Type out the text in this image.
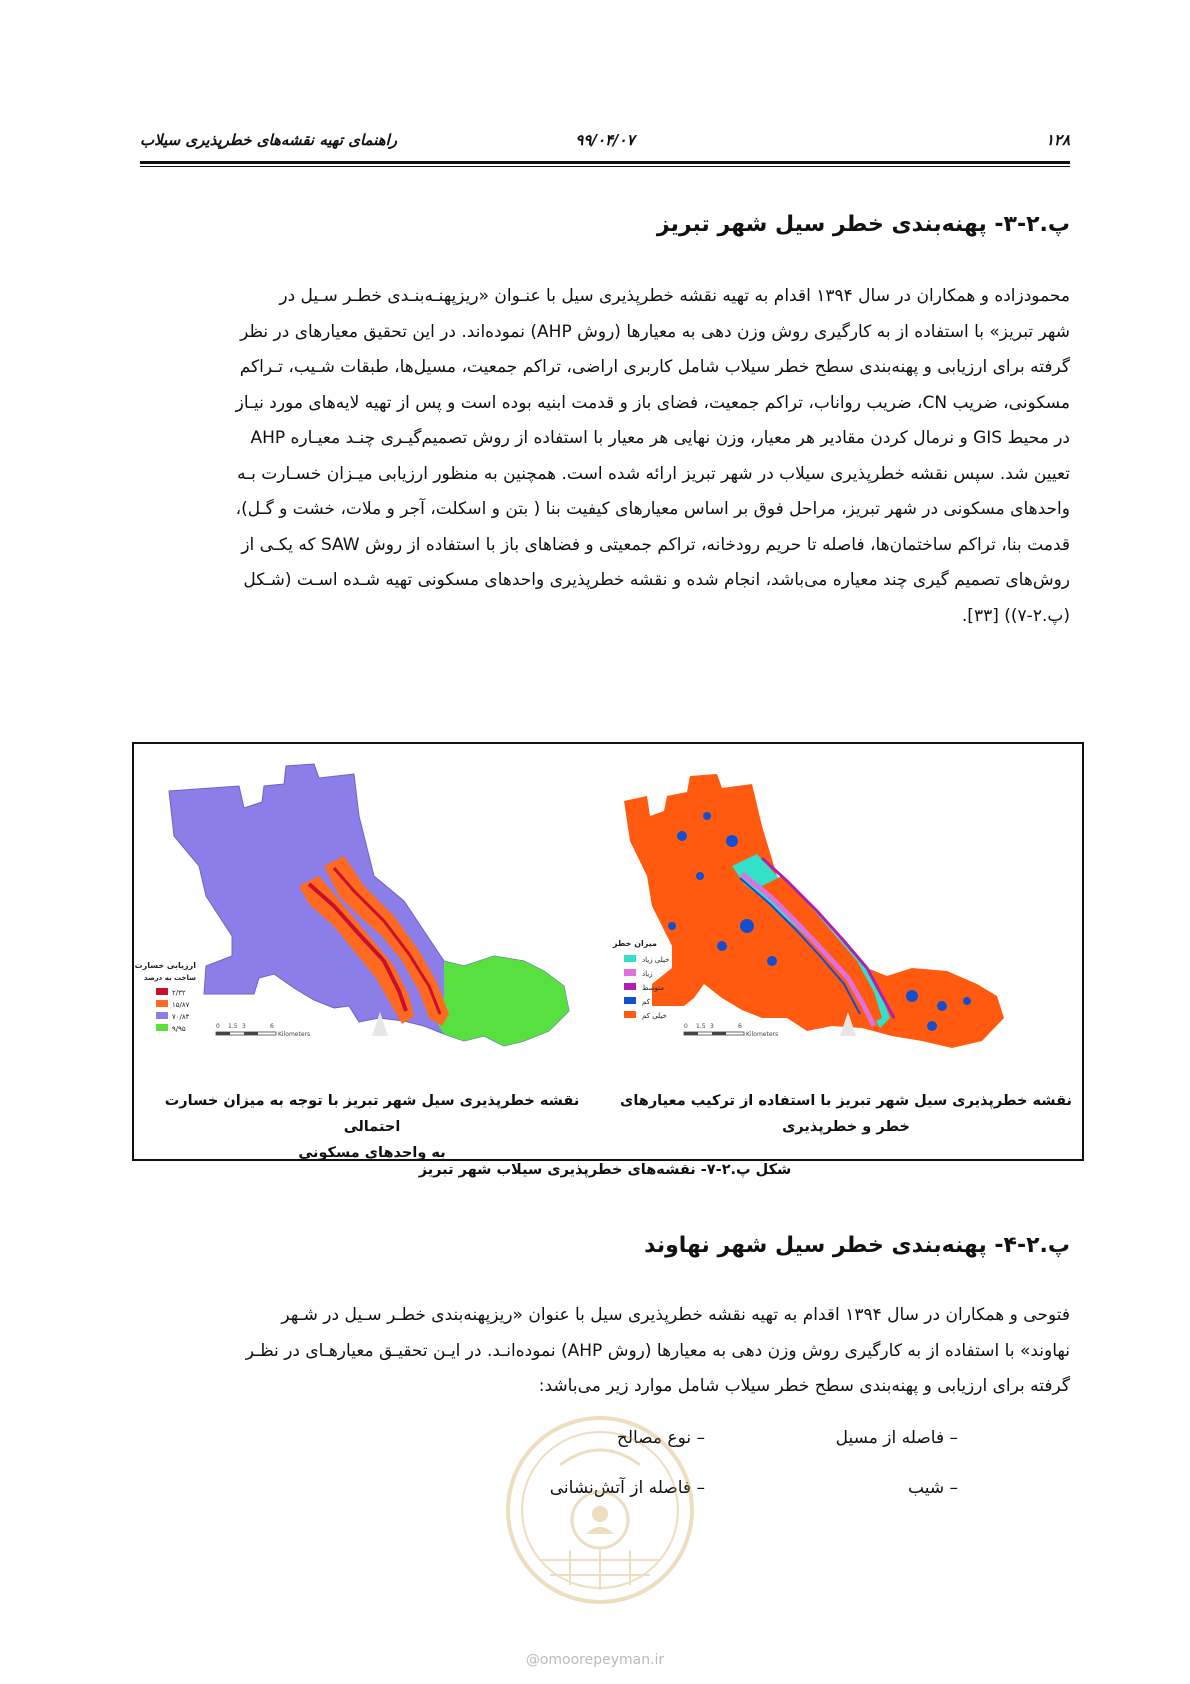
۱۲۸
۹۹/۰۴/۰۷
راهنمای تهیه نقشه‌های خطرپذیری سیلاب
پ.۲-۳- پهنه‌بندی خطر سیل شهر تبریز
محمودزاده و همکاران در سال ۱۳۹۴ اقدام به تهیه نقشه خطرپذیری سیل با عنـوان «ریزپهنـه‌بنـدی خطـر سـیل در
شهر تبریز» با استفاده از به کارگیری روش وزن دهی به معیارها (روش AHP) نموده‌اند. در این تحقیق معیارهای در نظر
گرفته برای ارزیابی و پهنه‌بندی سطح خطر سیلاب شامل کاربری اراضی، تراکم جمعیت، مسیل‌ها، طبقات شـیب، تـراکم
مسکونی، ضریب CN، ضریب رواناب، تراکم جمعیت، فضای باز و قدمت ابنیه بوده است و پس از تهیه لایه‌های مورد نیـاز
در محیط GIS و نرمال کردن مقادیر هر معیار، وزن نهایی هر معیار با استفاده از روش تصمیم‌گیـری چنـد معیـاره AHP
تعیین شد. سپس نقشه خطرپذیری سیلاب در شهر تبریز ارائه شده است. همچنین به منظور ارزیابی میـزان خسـارت بـه
واحدهای مسکونی در شهر تبریز، مراحل فوق بر اساس معیارهای کیفیت بنا ( بتن و اسکلت، آجر و ملات، خشت و گـل)،
قدمت بنا، تراکم ساختمان‌ها، فاصله تا حریم رودخانه، تراکم جمعیتی و فضاهای باز با استفاده از روش SAW که یکـی از
روش‌های تصمیم گیری چند معیاره می‌باشد، انجام شده و نقشه خطرپذیری واحدهای مسکونی تهیه شـده اسـت (شـکل
(پ.۲-۷)) [۳۳].
ارزیابی خسارت
ساخت به درصد
۲/۳۲
۱۵/۸۷
۷۰/۸۴
۹/۹۵	0 1.5 3	6
Kilometers
میزان خطر
خیلی زیاد
زیاد
متوسط
کم
خیلی کم
0 1.5 3	6
Kilometers
نقشه خطرپذیری سیل شهر تبریز با توجه به میزان خسارت احتمالی
به واحدهای مسکونی
نقشه خطرپذیری سیل شهر تبریز با استفاده از ترکیب معیارهای
خطر و خطرپذیری
شکل پ.۲-۷- نقشه‌های خطرپذیری سیلاب شهر تبریز
پ.۲-۴- پهنه‌بندی خطر سیل شهر نهاوند
فتوحی و همکاران در سال ۱۳۹۴ اقدام به تهیه نقشه خطرپذیری سیل با عنوان «ریزپهنه‌بندی خطـر سـیل در شـهر
نهاوند» با استفاده از به کارگیری روش وزن دهی به معیارها (روش AHP) نموده‌انـد. در ایـن تحقیـق معیارهـای در نظـر
گرفته برای ارزیابی و پهنه‌بندی سطح خطر سیلاب شامل موارد زیر می‌باشد:
– فاصله از مسیل
– نوع مصالح
– شیب
– فاصله از آتش‌نشانی
@omoorepeyman.ir
